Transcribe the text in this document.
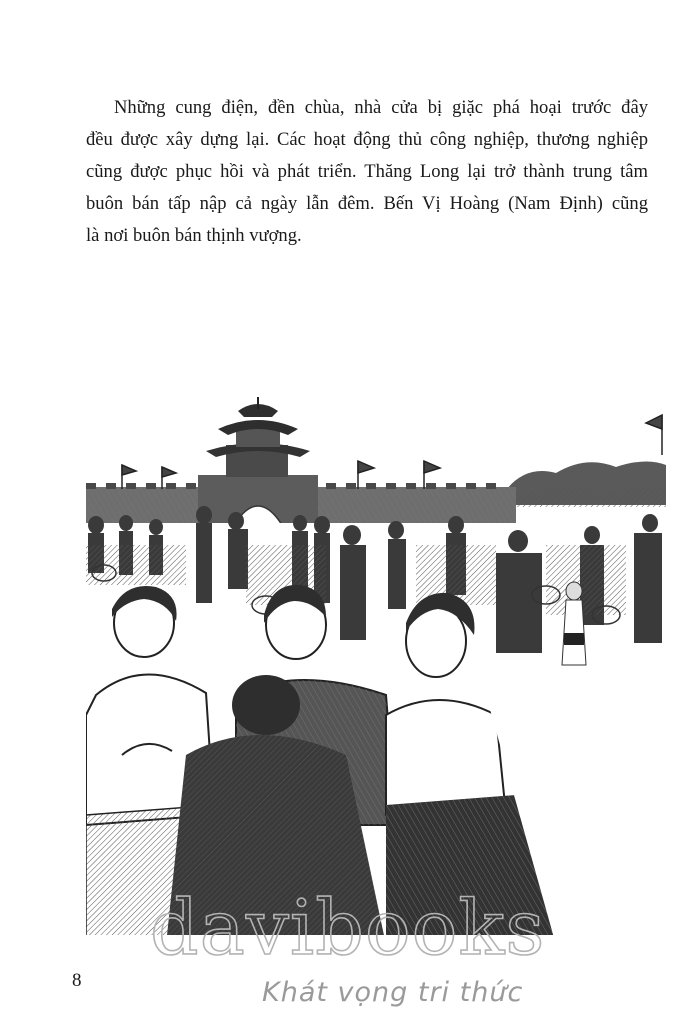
Những cung điện, đền chùa, nhà cửa bị giặc phá hoại trước đây
đều được xây dựng lại. Các hoạt động thủ công nghiệp, thương nghiệp
cũng được phục hồi và phát triển. Thăng Long lại trở thành trung tâm
buôn bán tấp nập cả ngày lẫn đêm. Bến Vị Hoàng (Nam Định) cũng
là nơi buôn bán thịnh vượng.

8
davibooks
Khát vọng tri thức
